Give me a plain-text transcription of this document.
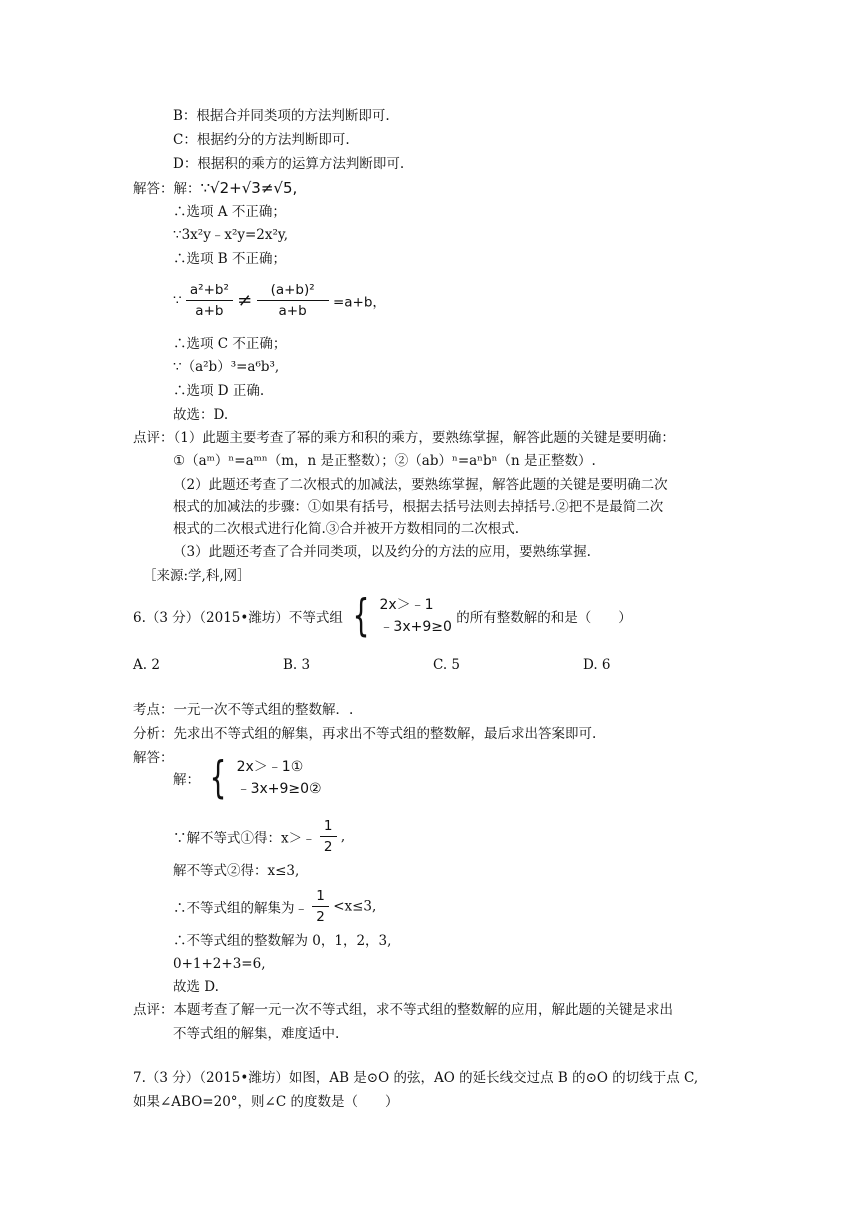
B：根据合并同类项的方法判断即可.
C：根据约分的方法判断即可.
D：根据积的乘方的运算方法判断即可.
解答：解：∵√2+√3≠√5,
∴选项 A 不正确；
∵3x²y﹣x²y=2x²y,
∴选项 B 不正确；
∵ $\frac{\text{a²+b²}}{a+b} \ne \frac{\text{(a+b)²}}{a+b} =a+b$，
∴选项 C 不正确；
∵（a²b）³=a⁶b³,
∴选项 D 正确.
故选：D.
点评：（1）此题主要考查了幂的乘方和积的乘方，要熟练掌握，解答此题的关键是要明确：
①（aᵐ）ⁿ=aᵐⁿ（m，n 是正整数）；②（ab）ⁿ=aⁿbⁿ（n 是正整数）.
（2）此题还考查了二次根式的加减法，要熟练掌握，解答此题的关键是要明确二次
根式的加减法的步骤：①如果有括号，根据去括号法则去掉括号.②把不是最简二次
根式的二次根式进行化简.③合并被开方数相同的二次根式.
（3）此题还考查了合并同类项，以及约分的方法的应用，要熟练掌握.
［来源:学,科,网］
6.（3 分）（2015•潍坊）不等式组 { 2x＞﹣1
﹣3x+9≥0
的所有整数解的和是（　　）
A. 2	B. 3	C. 5	D. 6
考点：一元一次不等式组的整数解．.
分析：先求出不等式组的解集，再求出不等式组的整数解，最后求出答案即可.
解答：
解： { 2x＞﹣1①
﹣3x+9≥0②
∵解不等式①得：x＞﹣ $\frac{1}{2}$ ,
解不等式②得：x≤3,
∴不等式组的解集为﹣ $\frac{1}{2} <x\le 3$,
∴不等式组的整数解为 0，1，2，3,
0+1+2+3=6,
故选 D.
点评：本题考查了解一元一次不等式组，求不等式组的整数解的应用，解此题的关键是求出
不等式组的解集，难度适中.
7.（3 分）（2015•潍坊）如图，AB 是⊙O 的弦，AO 的延长线交过点 B 的⊙O 的切线于点 C,
如果∠ABO=20°，则∠C 的度数是（　　）
